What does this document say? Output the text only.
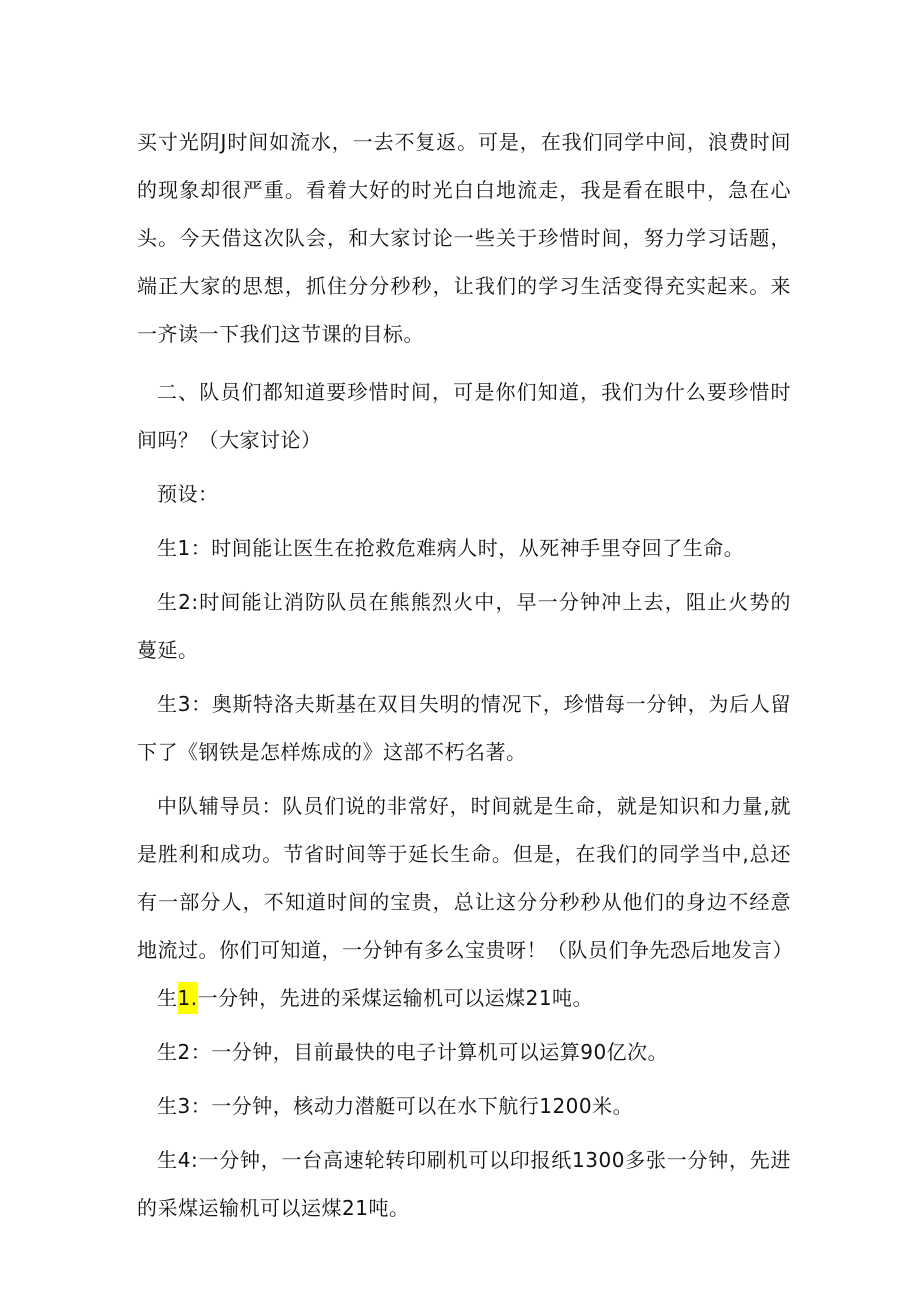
买寸光阴J时间如流水，一去不复返。可是，在我们同学中间，浪费时间的现象却很严重。看着大好的时光白白地流走，我是看在眼中，急在心头。今天借这次队会，和大家讨论一些关于珍惜时间，努力学习话题，端正大家的思想，抓住分分秒秒，让我们的学习生活变得充实起来。来一齐读一下我们这节课的目标。

二、队员们都知道要珍惜时间，可是你们知道，我们为什么要珍惜时间吗？（大家讨论）

预设：

生1：时间能让医生在抢救危难病人时，从死神手里夺回了生命。

生2:时间能让消防队员在熊熊烈火中，早一分钟冲上去，阻止火势的蔓延。

生3：奥斯特洛夫斯基在双目失明的情况下，珍惜每一分钟，为后人留下了《钢铁是怎样炼成的》这部不朽名著。

中队辅导员：队员们说的非常好，时间就是生命，就是知识和力量,就是胜利和成功。节省时间等于延长生命。但是，在我们的同学当中,总还有一部分人，不知道时间的宝贵，总让这分分秒秒从他们的身边不经意地流过。你们可知道，一分钟有多么宝贵呀！（队员们争先恐后地发言）

生1.一分钟，先进的采煤运输机可以运煤21吨。

生2：一分钟，目前最快的电子计算机可以运算90亿次。

生3：一分钟，核动力潜艇可以在水下航行1200米。

生4:一分钟，一台高速轮转印刷机可以印报纸1300多张一分钟，先进的采煤运输机可以运煤21吨。
